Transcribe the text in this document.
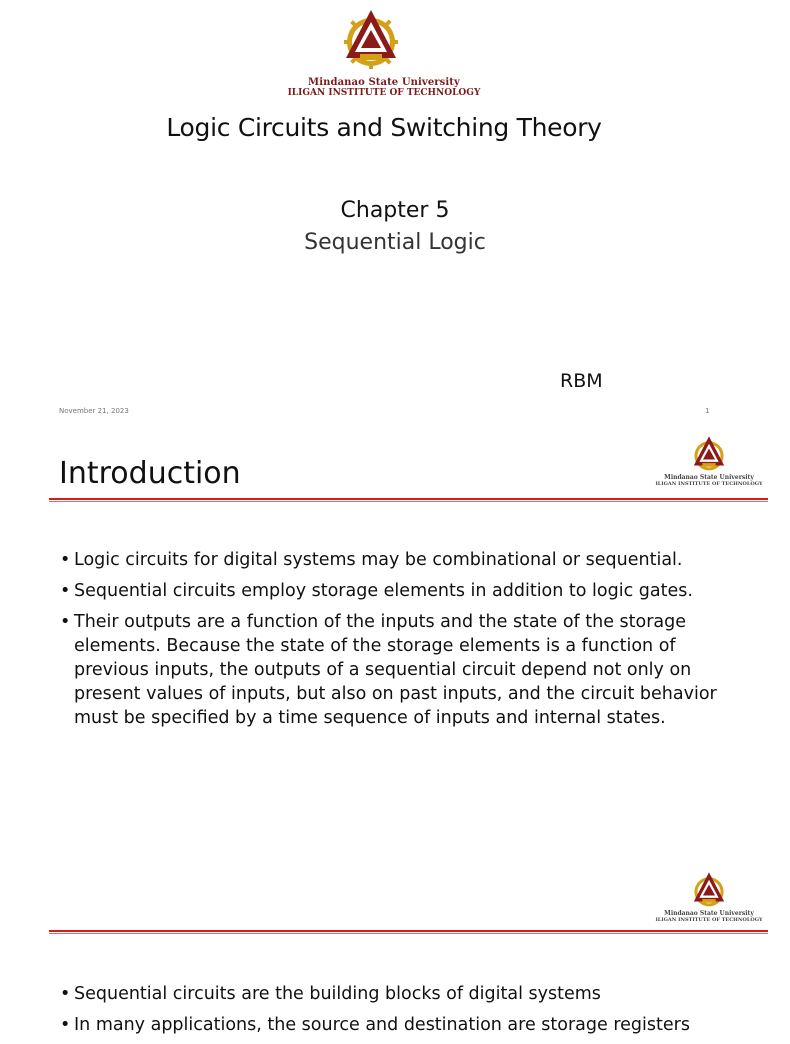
Mindanao State University
ILIGAN INSTITUTE OF TECHNOLOGY
Logic Circuits and Switching Theory
Chapter 5
Sequential Logic
RBM
November 21, 2023	1
Mindanao State University
ILIGAN INSTITUTE OF TECHNOLOGY
Introduction
• Logic circuits for digital systems may be combinational or sequential.
• Sequential circuits employ storage elements in addition to logic gates.
• Their outputs are a function of the inputs and the state of the storage elements. Because the state of the storage elements is a function of previous inputs, the outputs of a sequential circuit depend not only on present values of inputs, but also on past inputs, and the circuit behavior must be specified by a time sequence of inputs and internal states.
Mindanao State University
ILIGAN INSTITUTE OF TECHNOLOGY
• Sequential circuits are the building blocks of digital systems
• In many applications, the source and destination are storage registers
